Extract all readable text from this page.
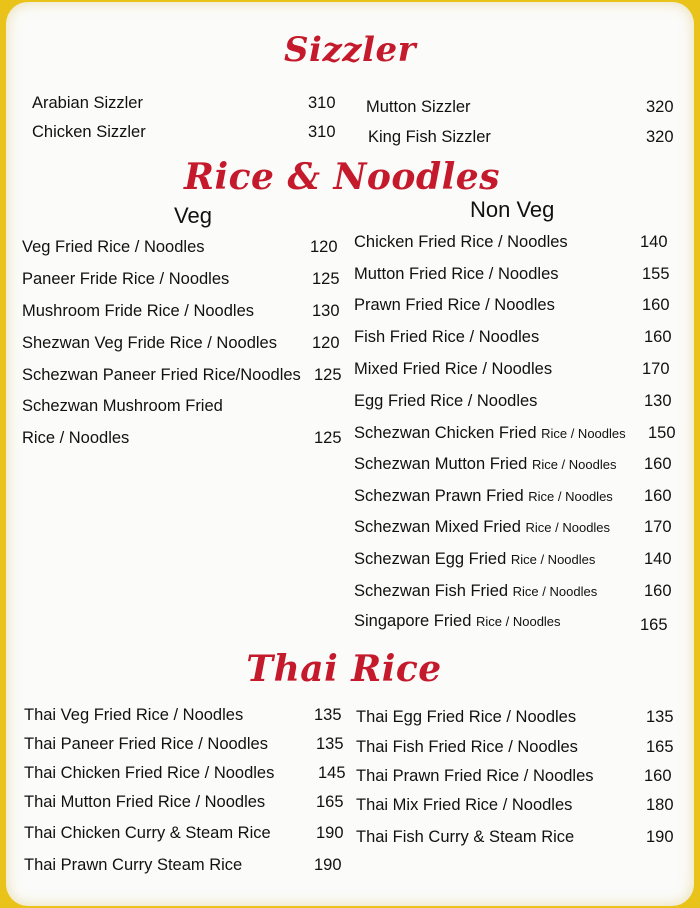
Sizzler
Arabian Sizzler	310
Chicken Sizzler	310
Mutton Sizzler	320
King Fish Sizzler	320
Rice & Noodles
Veg	Non Veg
Veg Fried Rice / Noodles	120
Paneer Fride Rice / Noodles	125
Mushroom Fride Rice / Noodles	130
Shezwan Veg Fride Rice / Noodles 120
Schezwan Paneer Fried Rice/Noodles 125
Schezwan Mushroom Fried
Rice / Noodles	125
Chicken Fried Rice / Noodles	140
Mutton Fried Rice / Noodles	155
Prawn Fried Rice / Noodles	160
Fish Fried Rice / Noodles	160
Mixed Fried Rice / Noodles	170
Egg Fried Rice / Noodles	130
Schezwan Chicken Fried Rice / Noodles 150
Schezwan Mutton Fried Rice / Noodles 160
Schezwan Prawn Fried Rice / Noodles 160
Schezwan Mixed Fried Rice / Noodles 170
Schezwan Egg Fried Rice / Noodles	140
Schezwan Fish Fried Rice / Noodles	160
Singapore Fried Rice / Noodles	165
Thai Rice
Thai Veg Fried Rice / Noodles	135
Thai Paneer Fried Rice / Noodles	135
Thai Chicken Fried Rice / Noodles	145
Thai Mutton Fried Rice / Noodles	165
Thai Chicken Curry & Steam Rice	190
Thai Prawn Curry Steam Rice	190
Thai Egg Fried Rice / Noodles	135
Thai Fish Fried Rice / Noodles	165
Thai Prawn Fried Rice / Noodles	160
Thai Mix Fried Rice / Noodles	180
Thai Fish Curry & Steam Rice	190
